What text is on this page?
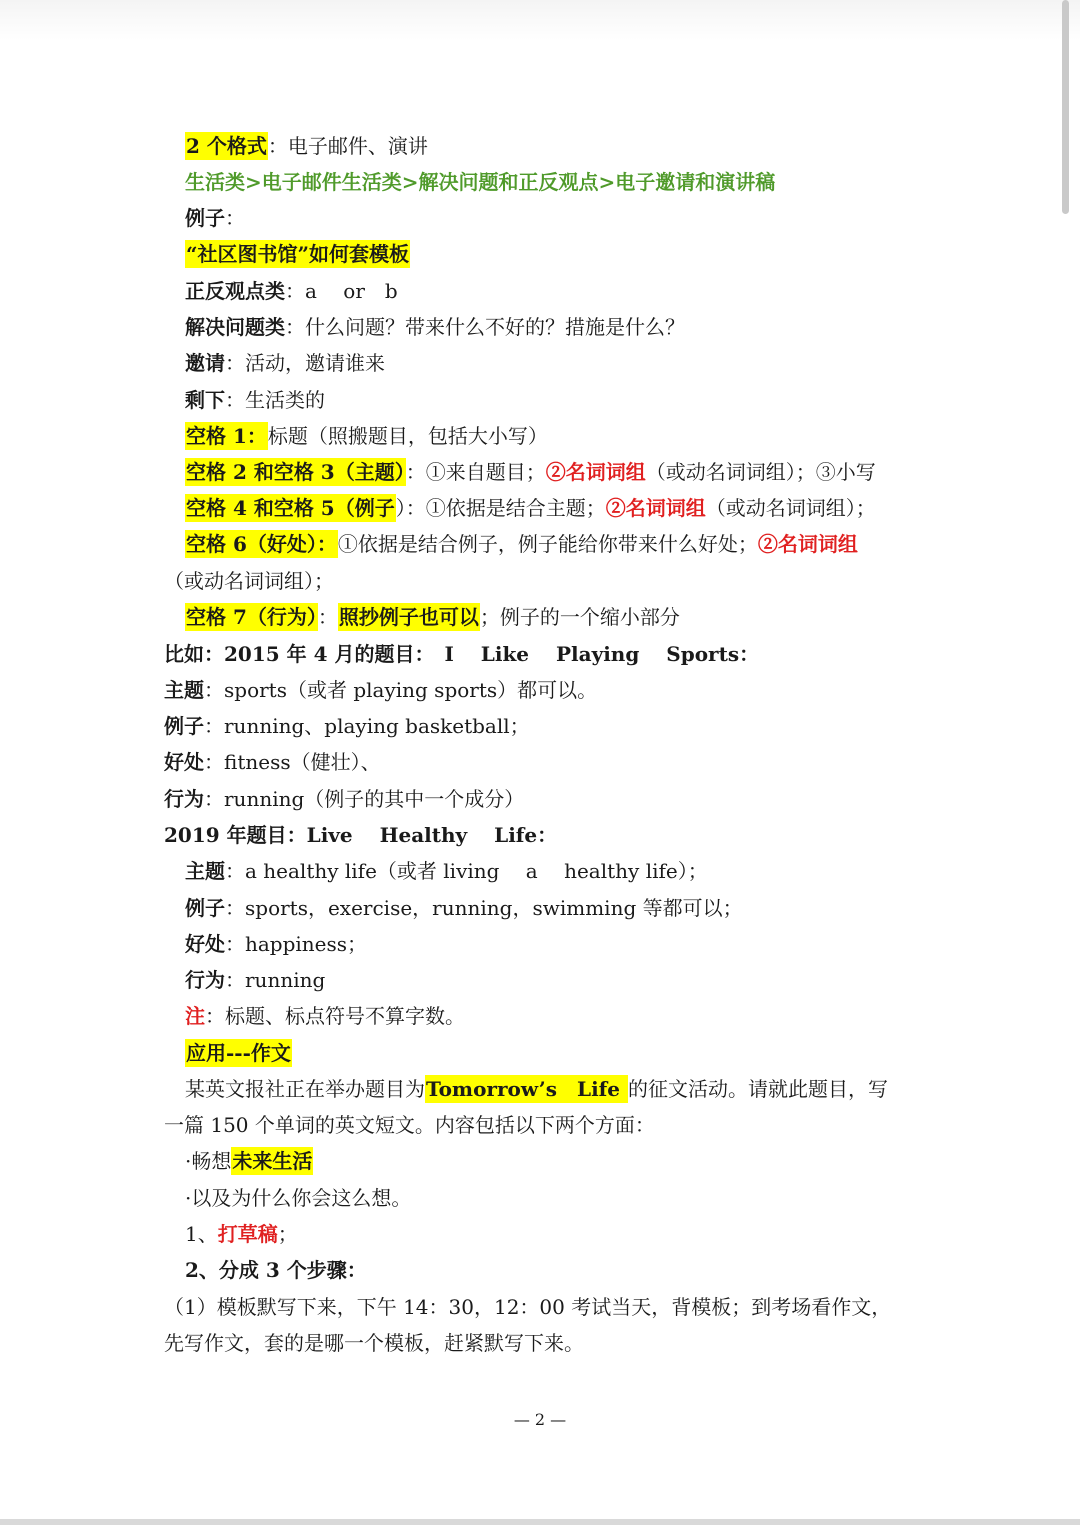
2 个格式：电子邮件、演讲
生活类>电子邮件生活类>解决问题和正反观点>电子邀请和演讲稿
例子：
“社区图书馆”如何套模板
正反观点类：a　 or　b
解决问题类：什么问题？带来什么不好的？措施是什么？
邀请：活动，邀请谁来
剩下：生活类的
空格 1：标题（照搬题目，包括大小写）
空格 2 和空格 3（主题）：①来自题目；②名词词组（或动名词词组）；③小写
空格 4 和空格 5（例子）：①依据是结合主题；②名词词组（或动名词词组）；
空格 6（好处）：①依据是结合例子，例子能给你带来什么好处；②名词词组
（或动名词词组）；
空格 7（行为）：照抄例子也可以；例子的一个缩小部分
比如：2015 年 4 月的题目：　I　 Like　 Playing　 Sports：
主题：sports（或者 playing sports）都可以。
例子：running、playing basketball；
好处：fitness（健壮）、
行为：running（例子的其中一个成分）
2019 年题目：Live　 Healthy　 Life：
主题：a healthy life（或者 living　 a　 healthy life）；
例子：sports，exercise，running，swimming 等都可以；
好处：happiness；
行为：running
注：标题、标点符号不算字数。
应用---作文
某英文报社正在举办题目为Tomorrow’s　Life 的征文活动。请就此题目，写
一篇 150 个单词的英文短文。内容包括以下两个方面：
·畅想未来生活
·以及为什么你会这么想。
1、打草稿；
2、分成 3 个步骤：
（1）模板默写下来，下午 14：30，12：00 考试当天，背模板；到考场看作文，
先写作文，套的是哪一个模板，赶紧默写下来。
— 2 —
